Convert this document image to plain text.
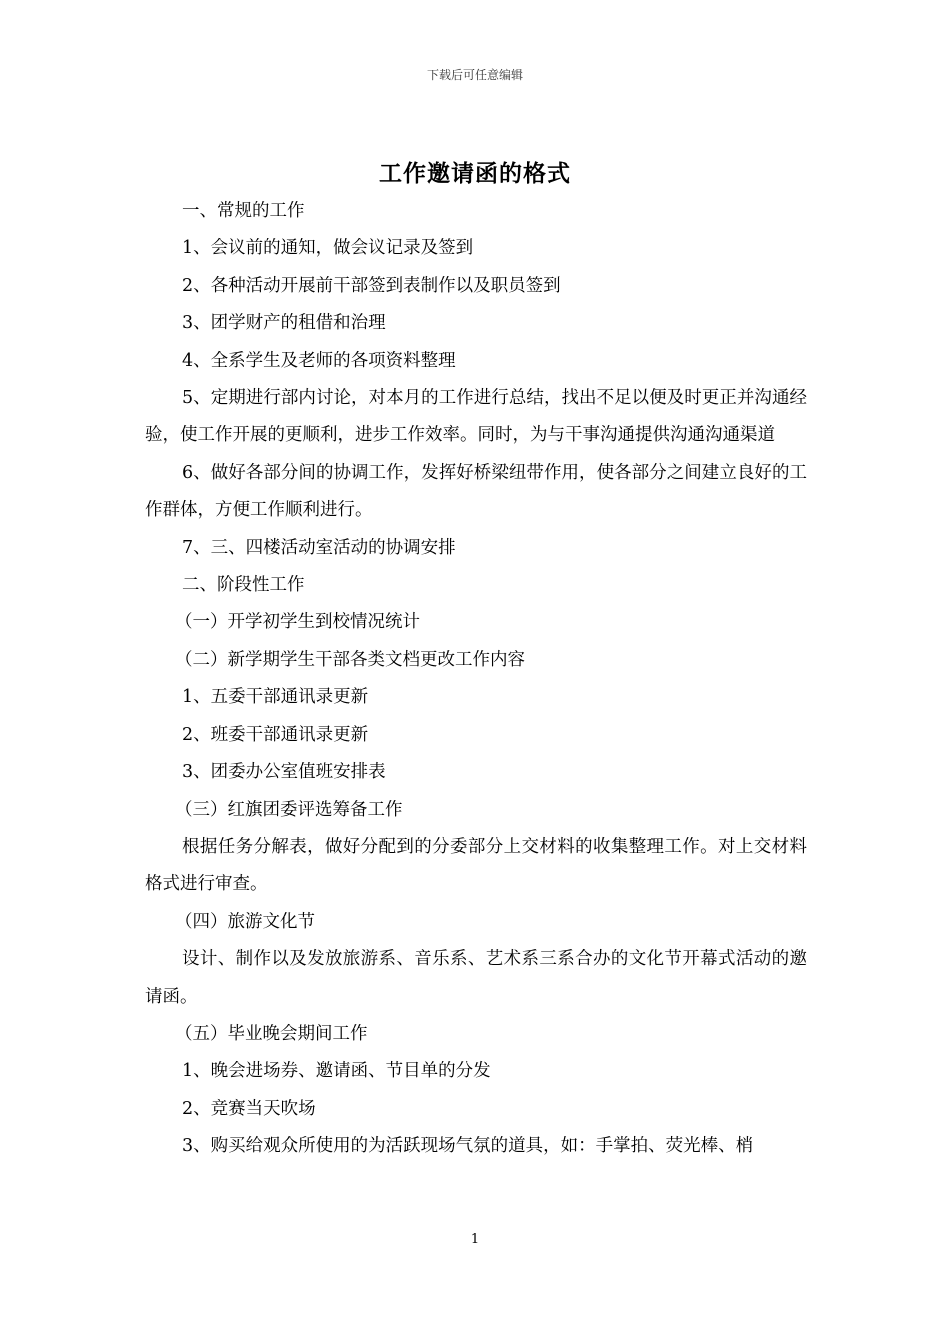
下载后可任意编辑
工作邀请函的格式

一、常规的工作

1、会议前的通知，做会议记录及签到

2、各种活动开展前干部签到表制作以及职员签到

3、团学财产的租借和治理

4、全系学生及老师的各项资料整理

5、定期进行部内讨论，对本月的工作进行总结，找出不足以便及时更正并沟通经验，使工作开展的更顺利，进步工作效率。同时，为与干事沟通提供沟通沟通渠道

6、做好各部分间的协调工作，发挥好桥梁纽带作用，使各部分之间建立良好的工作群体，方便工作顺利进行。

7、三、四楼活动室活动的协调安排

二、阶段性工作

（一）开学初学生到校情况统计

（二）新学期学生干部各类文档更改工作内容

1、五委干部通讯录更新

2、班委干部通讯录更新

3、团委办公室值班安排表

（三）红旗团委评选筹备工作

根据任务分解表，做好分配到的分委部分上交材料的收集整理工作。对上交材料格式进行审查。

（四）旅游文化节

设计、制作以及发放旅游系、音乐系、艺术系三系合办的文化节开幕式活动的邀请函。

（五）毕业晚会期间工作

1、晚会进场券、邀请函、节目单的分发

2、竞赛当天吹场

3、购买给观众所使用的为活跃现场气氛的道具，如：手掌拍、荧光棒、梢

1
